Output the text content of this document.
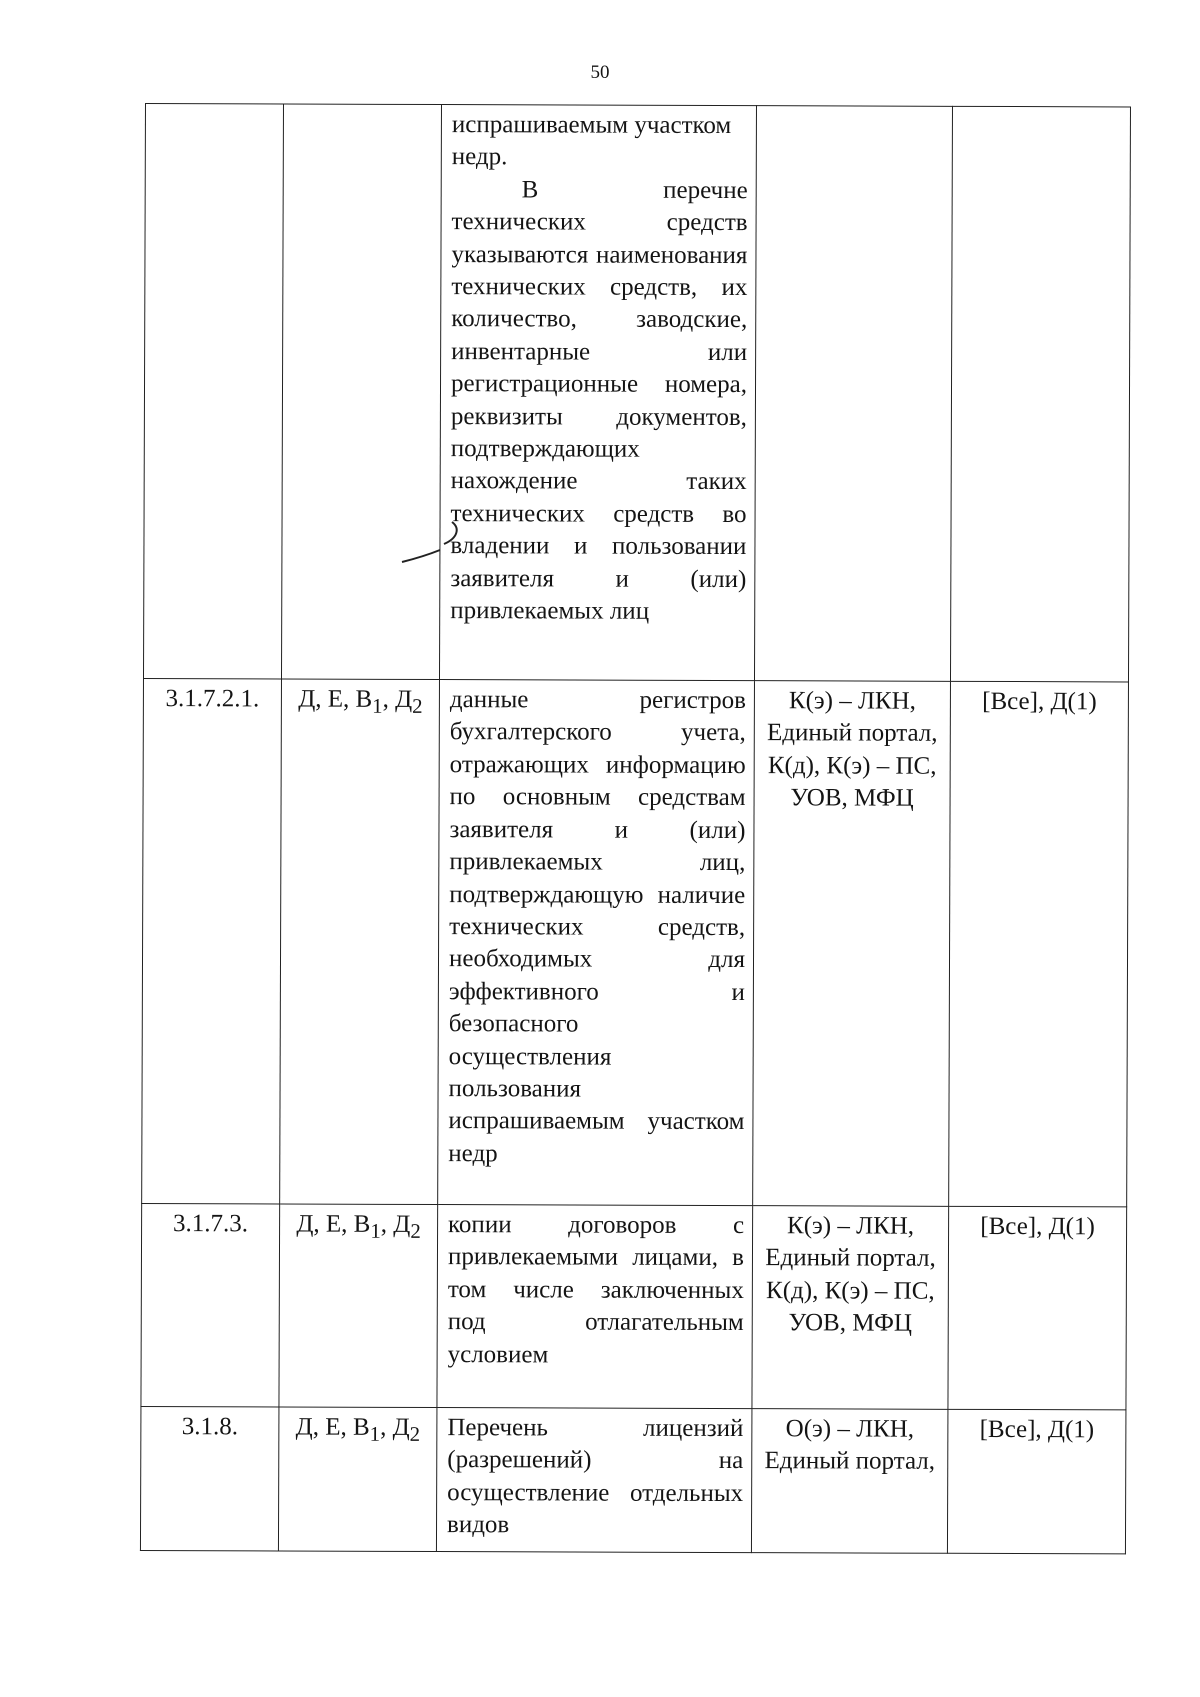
50

		испрашиваемым участком недр.
В перечне технических средств указываются наименования технических средств, их количество, заводские, инвентарные или регистрационные номера, реквизиты документов, подтверждающих нахождение таких технических средств во владении и пользовании заявителя и (или) привлекаемых лиц		

3.1.7.2.1.	Д, Е, $В_1$, $Д_2$	данные регистров бухгалтерского учета, отражающих информацию по основным средствам заявителя и (или) привлекаемых лиц, подтверждающую наличие технических средств, необходимых для эффективного и безопасного осуществления пользования испрашиваемым участком недр	К(э) – ЛКН, Единый портал, К(д), К(э) – ПС, УОВ, МФЦ	[Все], Д(1)
3.1.7.3.	Д, Е, $В_1$, $Д_2$	копии договоров с привлекаемыми лицами, в том числе заключенных под отлагательным условием	К(э) – ЛКН, Единый портал, К(д), К(э) – ПС, УОВ, МФЦ	[Все], Д(1)
3.1.8.	Д, Е, $В_1$, $Д_2$	Перечень лицензий (разрешений) на осуществление отдельных видов	О(э) – ЛКН, Единый портал,	[Все], Д(1)
